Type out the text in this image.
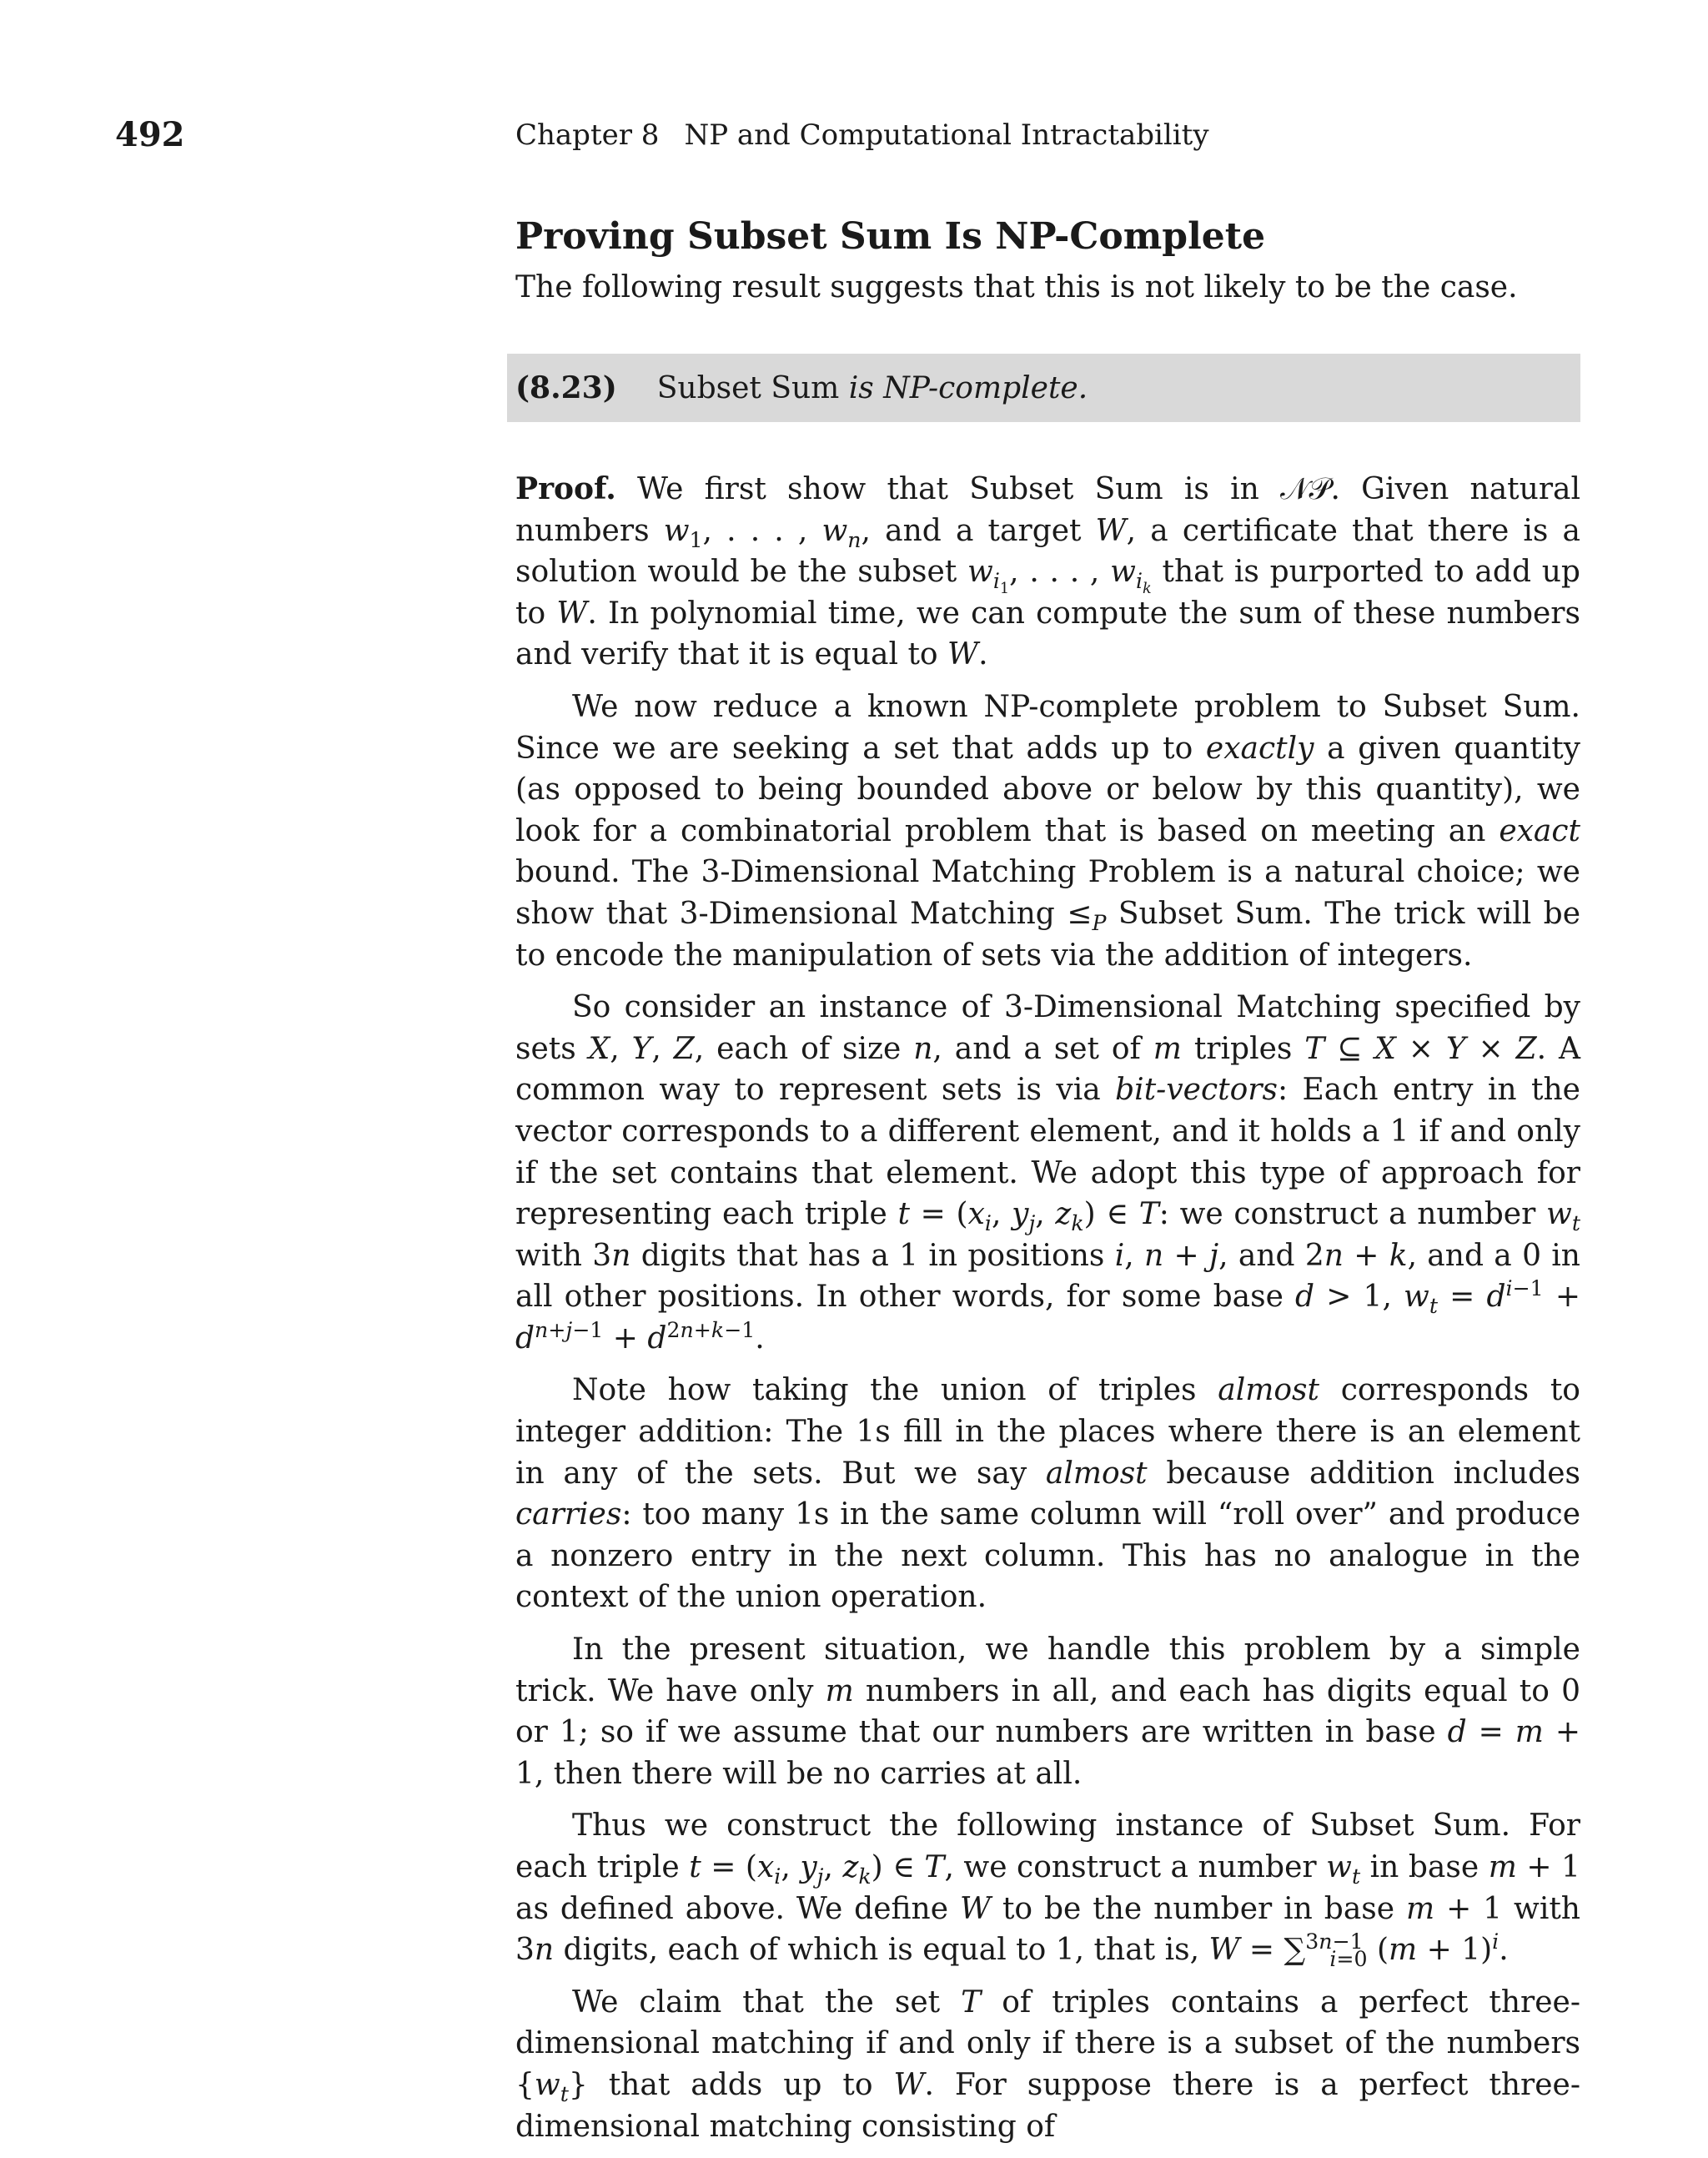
492	Chapter 8 NP and Computational Intractability
Proving Subset Sum Is NP-Complete

The following result suggests that this is not likely to be the case.

(8.23) Subset Sum
is NP-complete.

Proof. We first show that Subset Sum is in 𝒩𝒫. Given natural numbers $w_1$, . . . , $w_n$, and a target W, a certificate that there is a solution would be the subset $w_{i_1}$, . . . , $w_{i_k}$ that is purported to add up to W. In polynomial time, we can compute the sum of these numbers and verify that it is equal to W.

We now reduce a known NP-complete problem to Subset Sum. Since we are seeking a set that adds up to exactly a given quantity (as opposed to being bounded above or below by this quantity), we look for a combinatorial problem that is based on meeting an exact bound. The 3-Dimensional Matching Problem is a natural choice; we show that 3-Dimensional Matching $\le_P$ Subset Sum. The trick will be to encode the manipulation of sets via the addition of integers.

So consider an instance of 3-Dimensional Matching specified by sets X, Y, Z, each of size n, and a set of m triples T ⊆ X × Y × Z. A common way to represent sets is via bit-vectors: Each entry in the vector corresponds to a different element, and it holds a 1 if and only if the set contains that element. We adopt this type of approach for representing each triple $t = (x_i$, $y_j$, $z_k$) ∈ T: we construct a number $w_t$ with 3n digits that has a 1 in positions i, n + j, and 2n + k, and a 0 in all other positions. In other words, for some base d > 1, $w_t = d^{i-1} + d^{n+j-1} + d^{2n+k-1}$.

Note how taking the union of triples almost corresponds to integer addition: The 1s fill in the places where there is an element in any of the sets. But we say almost because addition includes carries: too many 1s in the same column will “roll over” and produce a nonzero entry in the next column. This has no analogue in the context of the union operation.

In the present situation, we handle this problem by a simple trick. We have only m numbers in all, and each has digits equal to 0 or 1; so if we assume that our numbers are written in base d = m + 1, then there will be no carries at all.

Thus we construct the following instance of Subset Sum. For each triple $t = (x_i$, $y_j$, $z_k$) ∈ T, we construct a number $w_t$ in base m + 1 as defined above. We define W to be the number in base m + 1 with 3n digits, each of which is equal to 1, that is, W = ∑$^{3n-1}_{i=0}$ $(m + 1)^i$.

We claim that the set T of triples contains a perfect three-dimensional matching if and only if there is a subset of the numbers $\{w_t\}$ that adds up to W. For suppose there is a perfect three-dimensional matching consisting of
